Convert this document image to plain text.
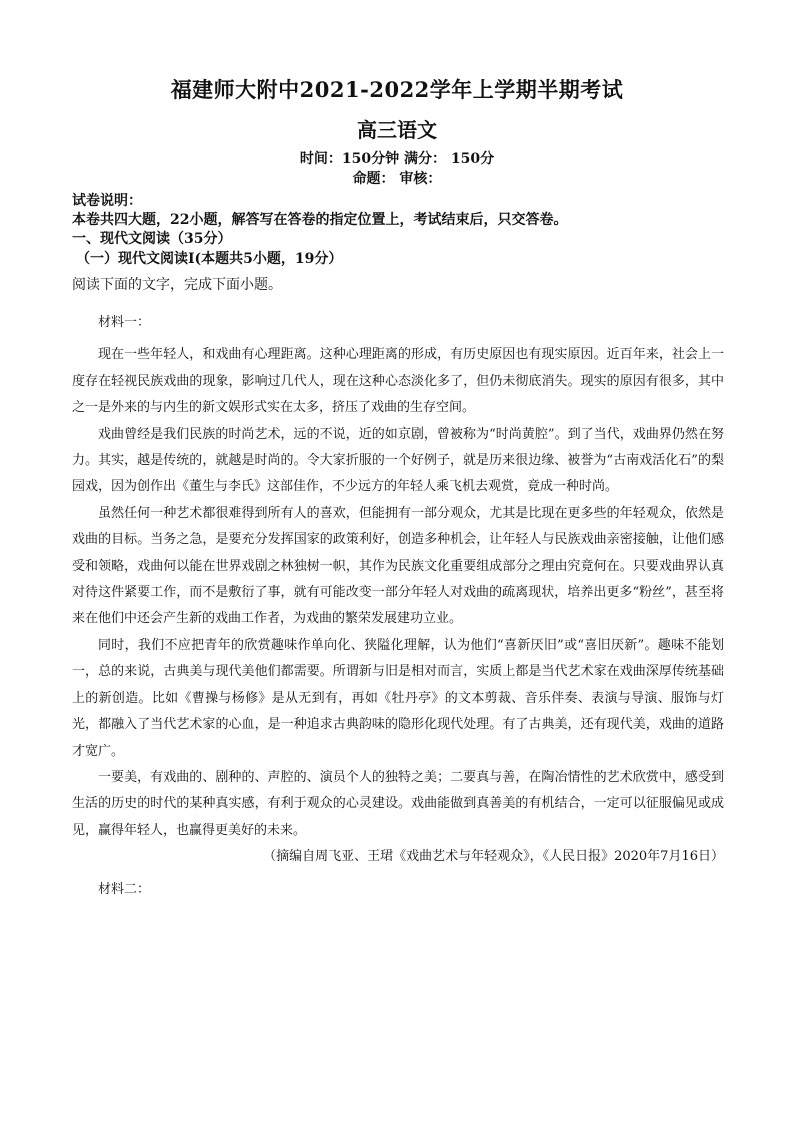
福建师大附中2021-2022学年上学期半期考试
高三语文
时间：150分钟 满分： 150分
命题： 审核：
试卷说明：
本卷共四大题，22小题，解答写在答卷的指定位置上，考试结束后，只交答卷。
一、现代文阅读（35分）
（一）现代文阅读Ⅰ(本题共5小题，19分）
阅读下面的文字，完成下面小题。

材料一：

现在一些年轻人，和戏曲有心理距离。这种心理距离的形成，有历史原因也有现实原因。近百年来，社会上一度存在轻视民族戏曲的现象，影响过几代人，现在这种心态淡化多了，但仍未彻底消失。现实的原因有很多，其中之一是外来的与内生的新文娱形式实在太多，挤压了戏曲的生存空间。

戏曲曾经是我们民族的时尚艺术，远的不说，近的如京剧，曾被称为“时尚黄腔”。到了当代，戏曲界仍然在努力。其实，越是传统的，就越是时尚的。令大家折服的一个好例子，就是历来很边缘、被誉为“古南戏活化石”的梨园戏，因为创作出《董生与李氏》这部佳作，不少远方的年轻人乘飞机去观赏，竟成一种时尚。

虽然任何一种艺术都很难得到所有人的喜欢，但能拥有一部分观众，尤其是比现在更多些的年轻观众，依然是戏曲的目标。当务之急，是要充分发挥国家的政策利好，创造多种机会，让年轻人与民族戏曲亲密接触，让他们感受和领略，戏曲何以能在世界戏剧之林独树一帜，其作为民族文化重要组成部分之理由究竟何在。只要戏曲界认真对待这件紧要工作，而不是敷衍了事，就有可能改变一部分年轻人对戏曲的疏离现状，培养出更多“粉丝”，甚至将来在他们中还会产生新的戏曲工作者，为戏曲的繁荣发展建功立业。

同时，我们不应把青年的欣赏趣味作单向化、狭隘化理解，认为他们“喜新厌旧”或“喜旧厌新”。趣味不能划一，总的来说，古典美与现代美他们都需要。所谓新与旧是相对而言，实质上都是当代艺术家在戏曲深厚传统基础上的新创造。比如《曹操与杨修》是从无到有，再如《牡丹亭》的文本剪裁、音乐伴奏、表演与导演、服饰与灯光，都融入了当代艺术家的心血，是一种追求古典韵味的隐形化现代处理。有了古典美，还有现代美，戏曲的道路才宽广。

一要美，有戏曲的、剧种的、声腔的、演员个人的独特之美；二要真与善，在陶冶情性的艺术欣赏中，感受到生活的历史的时代的某种真实感，有利于观众的心灵建设。戏曲能做到真善美的有机结合，一定可以征服偏见或成见，赢得年轻人，也赢得更美好的未来。

（摘编自周飞亚、王珺《戏曲艺术与年轻观众》，《人民日报》2020年7月16日）

材料二：
